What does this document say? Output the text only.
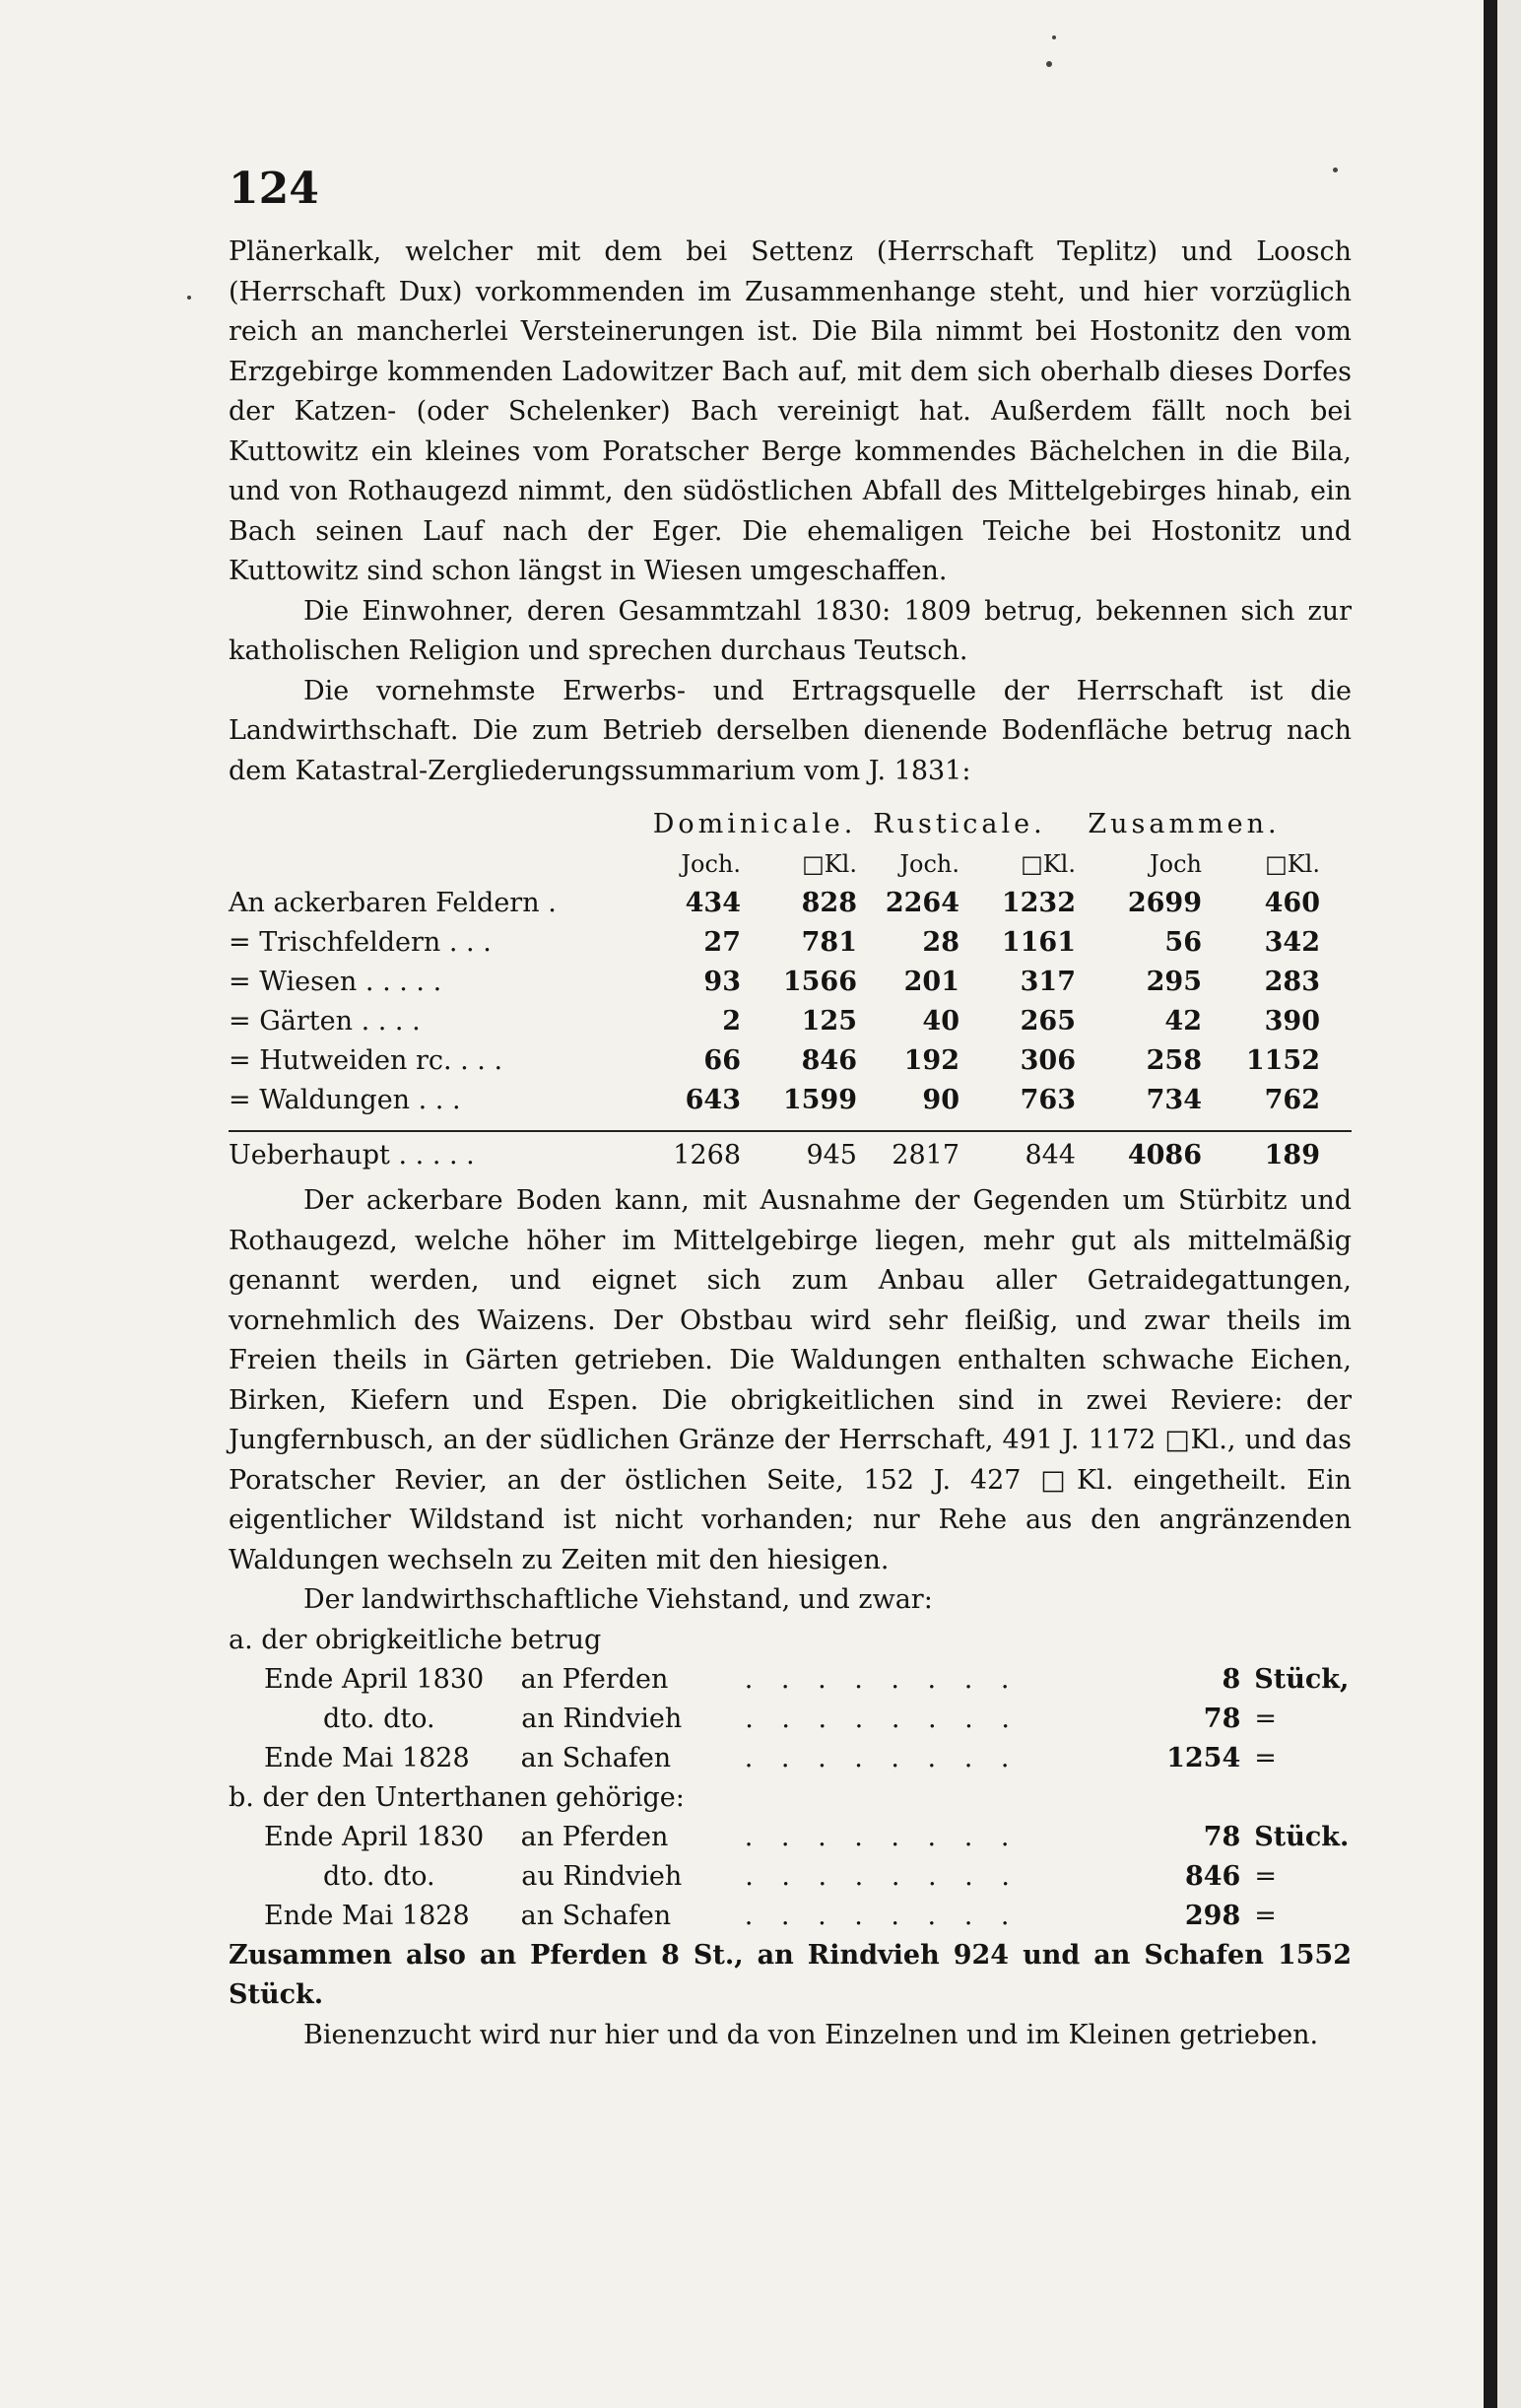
124

Plänerkalk, welcher mit dem bei Settenz (Herrschaft Teplitz) und Loosch (Herrschaft Dux) vorkommenden im Zusammenhange steht, und hier vorzüglich reich an mancherlei Versteinerungen ist. Die Bila nimmt bei Hostonitz den vom Erzgebirge kommenden Ladowitzer Bach auf, mit dem sich oberhalb dieses Dorfes der Katzen- (oder Schelenker) Bach vereinigt hat. Außerdem fällt noch bei Kuttowitz ein kleines vom Poratscher Berge kommendes Bächelchen in die Bila, und von Rothaugezd nimmt, den südöstlichen Abfall des Mittelgebirges hinab, ein Bach seinen Lauf nach der Eger. Die ehemaligen Teiche bei Hostonitz und Kuttowitz sind schon längst in Wiesen umgeschaffen.

Die Einwohner, deren Gesammtzahl 1830: 1809 betrug, bekennen sich zur katholischen Religion und sprechen durchaus Teutsch.

Die vornehmste Erwerbs- und Ertragsquelle der Herrschaft ist die Landwirthschaft. Die zum Betrieb derselben dienende Bodenfläche betrug nach dem Katastral-Zergliederungssummarium vom J. 1831:

Dominicale. Rusticale.	Zusammen.
Joch.	□Kl.	Joch.	□Kl.	Joch	□Kl.
An ackerbaren Feldern .	434	828	2264	1232	2699	460
= Trischfeldern . . .	27	781	28	1161	56	342
= Wiesen . . . . .	93	1566	201	317	295	283
= Gärten . . . .	2	125	40	265	42	390
= Hutweiden rc. . . .	66	846	192	306	258	1152
= Waldungen . . .	643	1599	90	763	734	762
Ueberhaupt . . . . .	1268	945	2817	844	4086	189

Der ackerbare Boden kann, mit Ausnahme der Gegenden um Stürbitz und Rothaugezd, welche höher im Mittelgebirge liegen, mehr gut als mittelmäßig genannt werden, und eignet sich zum Anbau aller Getraidegattungen, vornehmlich des Waizens. Der Obstbau wird sehr fleißig, und zwar theils im Freien theils in Gärten getrieben. Die Waldungen enthalten schwache Eichen, Birken, Kiefern und Espen. Die obrigkeitlichen sind in zwei Reviere: der Jungfernbusch, an der südlichen Gränze der Herrschaft, 491 J. 1172 □Kl., und das Poratscher Revier, an der östlichen Seite, 152 J. 427 □Kl. eingetheilt. Ein eigentlicher Wildstand ist nicht vorhanden; nur Rehe aus den angränzenden Waldungen wechseln zu Zeiten mit den hiesigen.

Der landwirthschaftliche Viehstand, und zwar:

a. der obrigkeitliche betrug
Ende April 1830	an Pferden	. . . . . . . .	8 Stück,
dto. dto.	an Rindvieh	. . . . . . . .	78 =
Ende Mai 1828	an Schafen	. . . . . . . .	1254 =
b. der den Unterthanen gehörige:
Ende April 1830	an Pferden	. . . . . . . .	78 Stück.
dto. dto.	au Rindvieh	. . . . . . . .	846 =
Ende Mai 1828	an Schafen	. . . . . . . .	298 =

Zusammen also an Pferden 8 St., an Rindvieh 924 und an Schafen 1552 Stück.

Bienenzucht wird nur hier und da von Einzelnen und im Kleinen getrieben.
